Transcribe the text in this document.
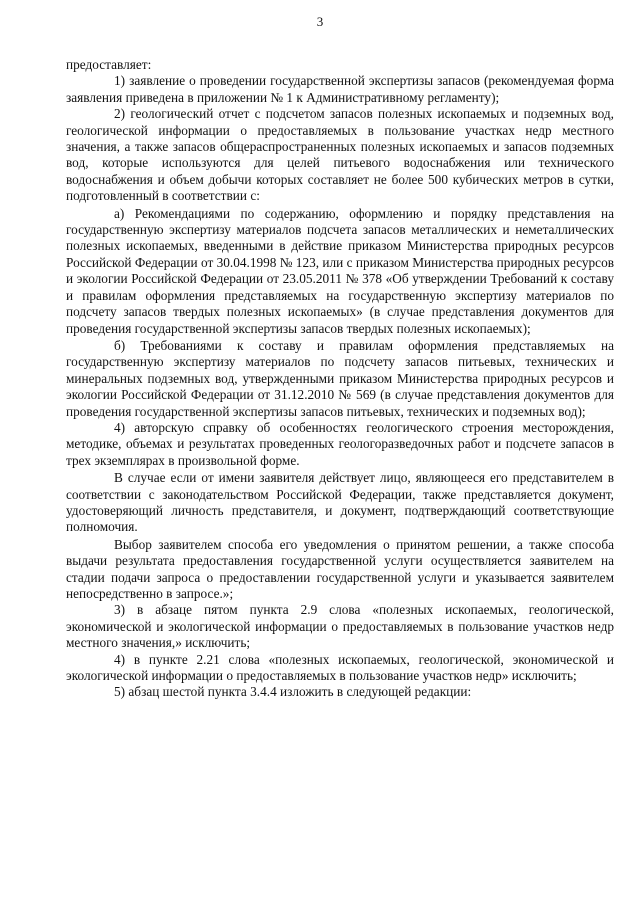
3

предоставляет:

1) заявление о проведении государственной экспертизы запасов (рекомендуемая форма заявления приведена в приложении № 1 к Административному регламенту);

2) геологический отчет с подсчетом запасов полезных ископаемых и подземных вод, геологической информации о предоставляемых в пользование участках недр местного значения, а также запасов общераспространенных полезных ископаемых и запасов подземных вод, которые используются для целей питьевого водоснабжения или технического водоснабжения и объем добычи которых составляет не более 500 кубических метров в сутки, подготовленный в соответствии с:

а) Рекомендациями по содержанию, оформлению и порядку представления на государственную экспертизу материалов подсчета запасов металлических и неметаллических полезных ископаемых, введенными в действие приказом Министерства природных ресурсов Российской Федерации от 30.04.1998 № 123, или с приказом Министерства природных ресурсов и экологии Российской Федерации от 23.05.2011 № 378 «Об утверждении Требований к составу и правилам оформления представляемых на государственную экспертизу материалов по подсчету запасов твердых полезных ископаемых» (в случае представления документов для проведения государственной экспертизы запасов твердых полезных ископаемых);

б) Требованиями к составу и правилам оформления представляемых на государственную экспертизу материалов по подсчету запасов питьевых, технических и минеральных подземных вод, утвержденными приказом Министерства природных ресурсов и экологии Российской Федерации от 31.12.2010 № 569 (в случае представления документов для проведения государственной экспертизы запасов питьевых, технических и подземных вод);

4) авторскую справку об особенностях геологического строения месторождения, методике, объемах и результатах проведенных геологоразведочных работ и подсчете запасов в трех экземплярах в произвольной форме.

В случае если от имени заявителя действует лицо, являющееся его представителем в соответствии с законодательством Российской Федерации, также представляется документ, удостоверяющий личность представителя, и документ, подтверждающий соответствующие полномочия.

Выбор заявителем способа его уведомления о принятом решении, а также способа выдачи результата предоставления государственной услуги осуществляется заявителем на стадии подачи запроса о предоставлении государственной услуги и указывается заявителем непосредственно в запросе.»;

3) в абзаце пятом пункта 2.9 слова «полезных ископаемых, геологической, экономической и экологической информации о предоставляемых в пользование участков недр местного значения,» исключить;

4) в пункте 2.21 слова «полезных ископаемых, геологической, экономической и экологической информации о предоставляемых в пользование участков недр» исключить;

5) абзац шестой пункта 3.4.4 изложить в следующей редакции:
